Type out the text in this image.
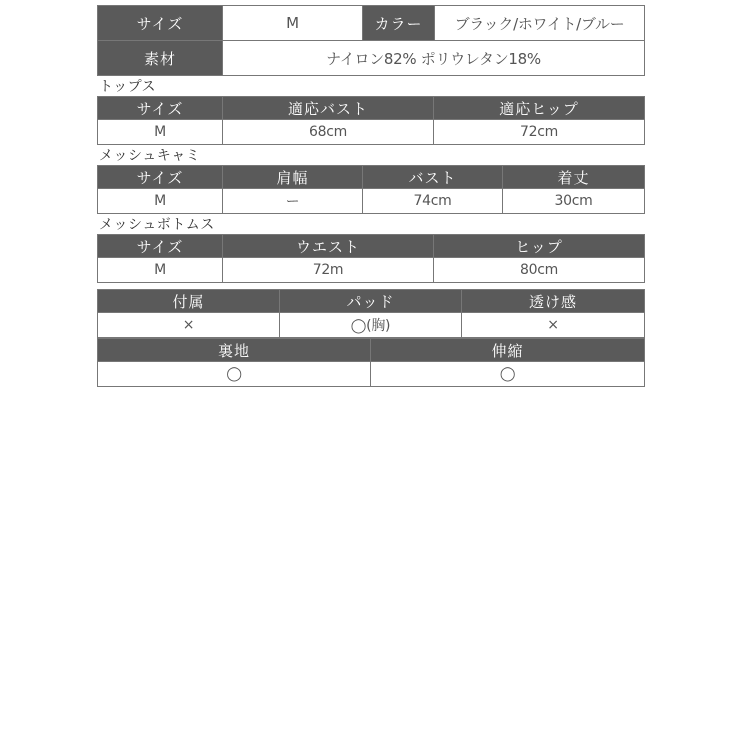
サイズ	M	カラー	ブラック/ホワイト/ブルー
素材	ナイロン82% ポリウレタン18%		
トップス
サイズ	適応バスト	適応ヒップ
M	68cm	72cm
メッシュキャミ
サイズ	肩幅	バスト	着丈
M	ー	74cm	30cm
メッシュボトムス
サイズ	ウエスト	ヒップ
M	72m	80cm
付属	パッド	透け感
×	◯(胸)	×
裏地	伸縮
◯	◯
